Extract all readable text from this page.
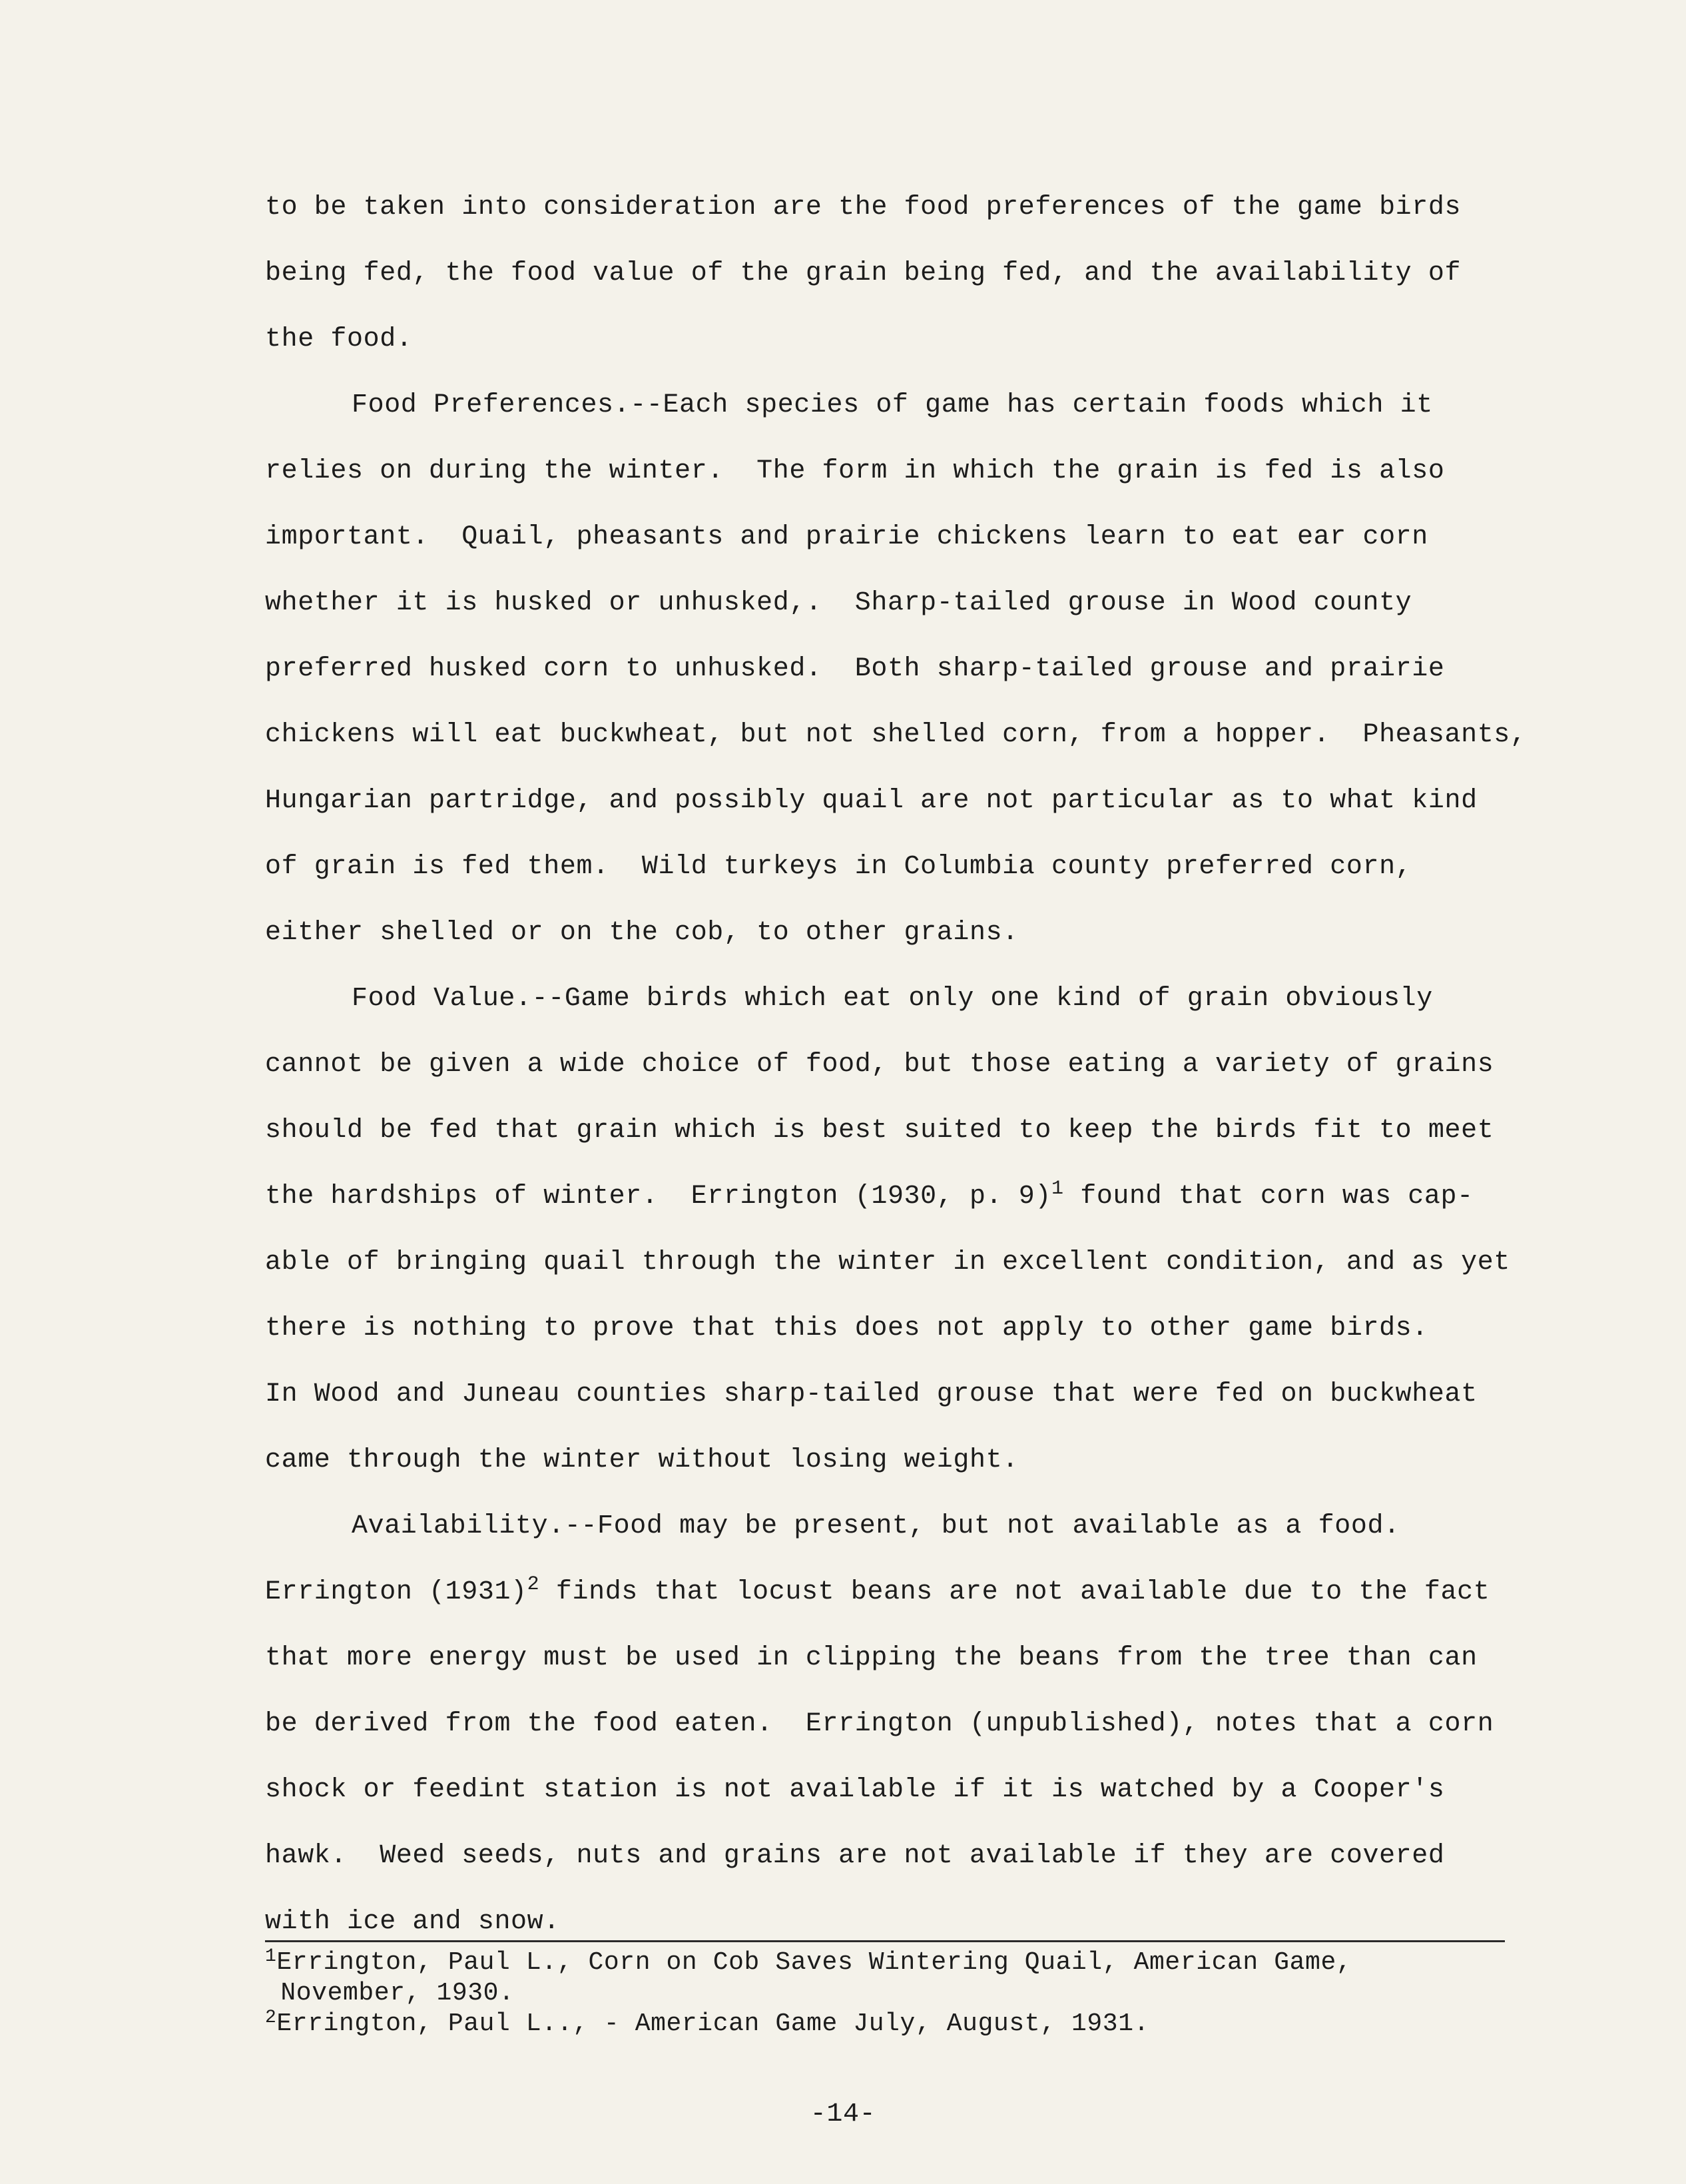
to be taken into consideration are the food preferences of the game birds
being fed, the food value of the grain being fed, and the availability of
the food.
Food Preferences.--Each species of game has certain foods which it
relies on during the winter.  The form in which the grain is fed is also
important.  Quail, pheasants and prairie chickens learn to eat ear corn
whether it is husked or unhusked,.  Sharp-tailed grouse in Wood county
preferred husked corn to unhusked.  Both sharp-tailed grouse and prairie
chickens will eat buckwheat, but not shelled corn, from a hopper.  Pheasants,
Hungarian partridge, and possibly quail are not particular as to what kind
of grain is fed them.  Wild turkeys in Columbia county preferred corn,
either shelled or on the cob, to other grains.
Food Value.--Game birds which eat only one kind of grain obviously
cannot be given a wide choice of food, but those eating a variety of grains
should be fed that grain which is best suited to keep the birds fit to meet
the hardships of winter.  Errington (1930, p. 9)$^1$ found that corn was cap-
able of bringing quail through the winter in excellent condition, and as yet
there is nothing to prove that this does not apply to other game birds.
In Wood and Juneau counties sharp-tailed grouse that were fed on buckwheat
came through the winter without losing weight.
Availability.--Food may be present, but not available as a food.
Errington $(1931)^2$ finds that locust beans are not available due to the fact
that more energy must be used in clipping the beans from the tree than can
be derived from the food eaten.  Errington (unpublished), notes that a corn
shock or feedint station is not available if it is watched by a Cooper's
hawk.  Weed seeds, nuts and grains are not available if they are covered
with ice and snow.
$^1$Errington, Paul L., Corn on Cob Saves Wintering Quail, American Game,
November, 1930.
$^2$Errington, Paul L.., - American Game July, August, 1931.
-14-
